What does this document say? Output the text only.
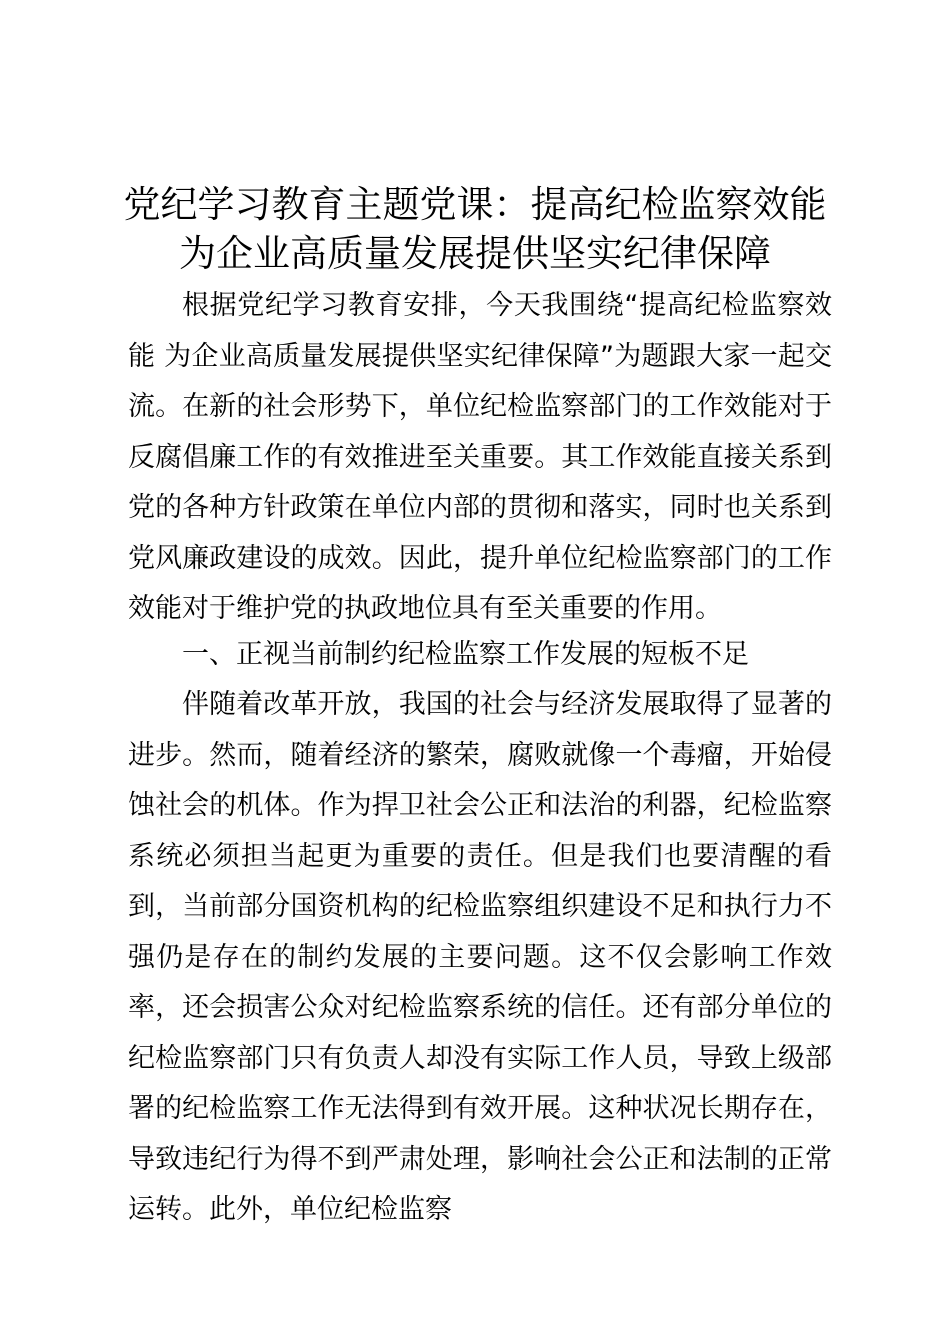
党纪学习教育主题党课：提高纪检监察效能
为企业高质量发展提供坚实纪律保障

根据党纪学习教育安排，今天我围绕“提高纪检监察效能 为企业高质量发展提供坚实纪律保障”为题跟大家一起交流。在新的社会形势下，单位纪检监察部门的工作效能对于反腐倡廉工作的有效推进至关重要。其工作效能直接关系到党的各种方针政策在单位内部的贯彻和落实，同时也关系到党风廉政建设的成效。因此，提升单位纪检监察部门的工作效能对于维护党的执政地位具有至关重要的作用。

一、正视当前制约纪检监察工作发展的短板不足

伴随着改革开放，我国的社会与经济发展取得了显著的进步。然而，随着经济的繁荣，腐败就像一个毒瘤，开始侵蚀社会的机体。作为捍卫社会公正和法治的利器，纪检监察系统必须担当起更为重要的责任。但是我们也要清醒的看到，当前部分国资机构的纪检监察组织建设不足和执行力不强仍是存在的制约发展的主要问题。这不仅会影响工作效率，还会损害公众对纪检监察系统的信任。还有部分单位的纪检监察部门只有负责人却没有实际工作人员，导致上级部署的纪检监察工作无法得到有效开展。这种状况长期存在，导致违纪行为得不到严肃处理，影响社会公正和法制的正常运转。此外，单位纪检监察
